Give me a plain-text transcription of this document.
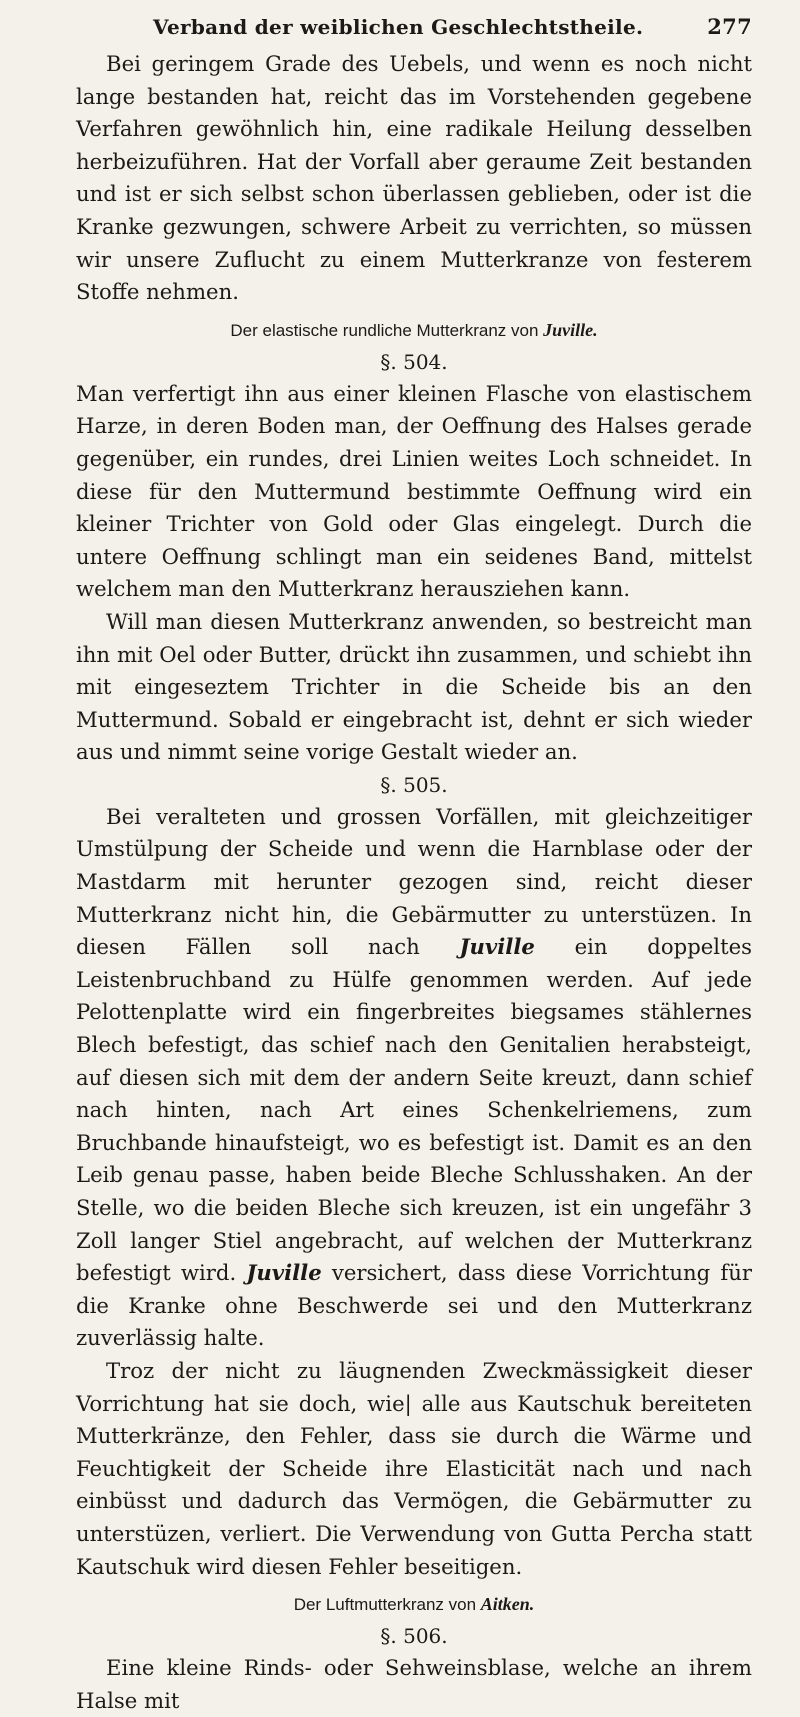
Verband der weiblichen Geschlechtstheile.	277

Bei geringem Grade des Uebels, und wenn es noch nicht lange bestanden hat, reicht das im Vorstehenden gegebene Verfahren gewöhnlich hin, eine radikale Heilung desselben herbeizuführen. Hat der Vorfall aber geraume Zeit bestanden und ist er sich selbst schon überlassen geblieben, oder ist die Kranke gezwungen, schwere Arbeit zu verrichten, so müssen wir unsere Zuflucht zu einem Mutterkranze von festerem Stoffe nehmen.

Der elastische rundliche Mutterkranz von Juville.
§. 504.

Man verfertigt ihn aus einer kleinen Flasche von elastischem Harze, in deren Boden man, der Oeffnung des Halses gerade gegenüber, ein rundes, drei Linien weites Loch schneidet. In diese für den Muttermund bestimmte Oeffnung wird ein kleiner Trichter von Gold oder Glas eingelegt. Durch die untere Oeffnung schlingt man ein seidenes Band, mittelst welchem man den Mutterkranz herausziehen kann.

Will man diesen Mutterkranz anwenden, so bestreicht man ihn mit Oel oder Butter, drückt ihn zusammen, und schiebt ihn mit eingeseztem Trichter in die Scheide bis an den Muttermund. Sobald er eingebracht ist, dehnt er sich wieder aus und nimmt seine vorige Gestalt wieder an.

§. 505.

Bei veralteten und grossen Vorfällen, mit gleichzeitiger Umstülpung der Scheide und wenn die Harnblase oder der Mastdarm mit herunter gezogen sind, reicht dieser Mutterkranz nicht hin, die Gebärmutter zu unterstüzen. In diesen Fällen soll nach Juville ein doppeltes Leistenbruchband zu Hülfe genommen werden. Auf jede Pelottenplatte wird ein fingerbreites biegsames stählernes Blech befestigt, das schief nach den Genitalien herabsteigt, auf diesen sich mit dem der andern Seite kreuzt, dann schief nach hinten, nach Art eines Schenkelriemens, zum Bruchbande hinaufsteigt, wo es befestigt ist. Damit es an den Leib genau passe, haben beide Bleche Schlusshaken. An der Stelle, wo die beiden Bleche sich kreuzen, ist ein ungefähr 3 Zoll langer Stiel angebracht, auf welchen der Mutterkranz befestigt wird. Juville versichert, dass diese Vorrichtung für die Kranke ohne Beschwerde sei und den Mutterkranz zuverlässig halte.

Troz der nicht zu läugnenden Zweckmässigkeit dieser Vorrichtung hat sie doch, wie| alle aus Kautschuk bereiteten Mutterkränze, den Fehler, dass sie durch die Wärme und Feuchtigkeit der Scheide ihre Elasticität nach und nach einbüsst und dadurch das Vermögen, die Gebärmutter zu unterstüzen, verliert. Die Verwendung von Gutta Percha statt Kautschuk wird diesen Fehler beseitigen.

Der Luftmutterkranz von Aitken.
§. 506.

Eine kleine Rinds- oder Sehweinsblase, welche an ihrem Halse mit
